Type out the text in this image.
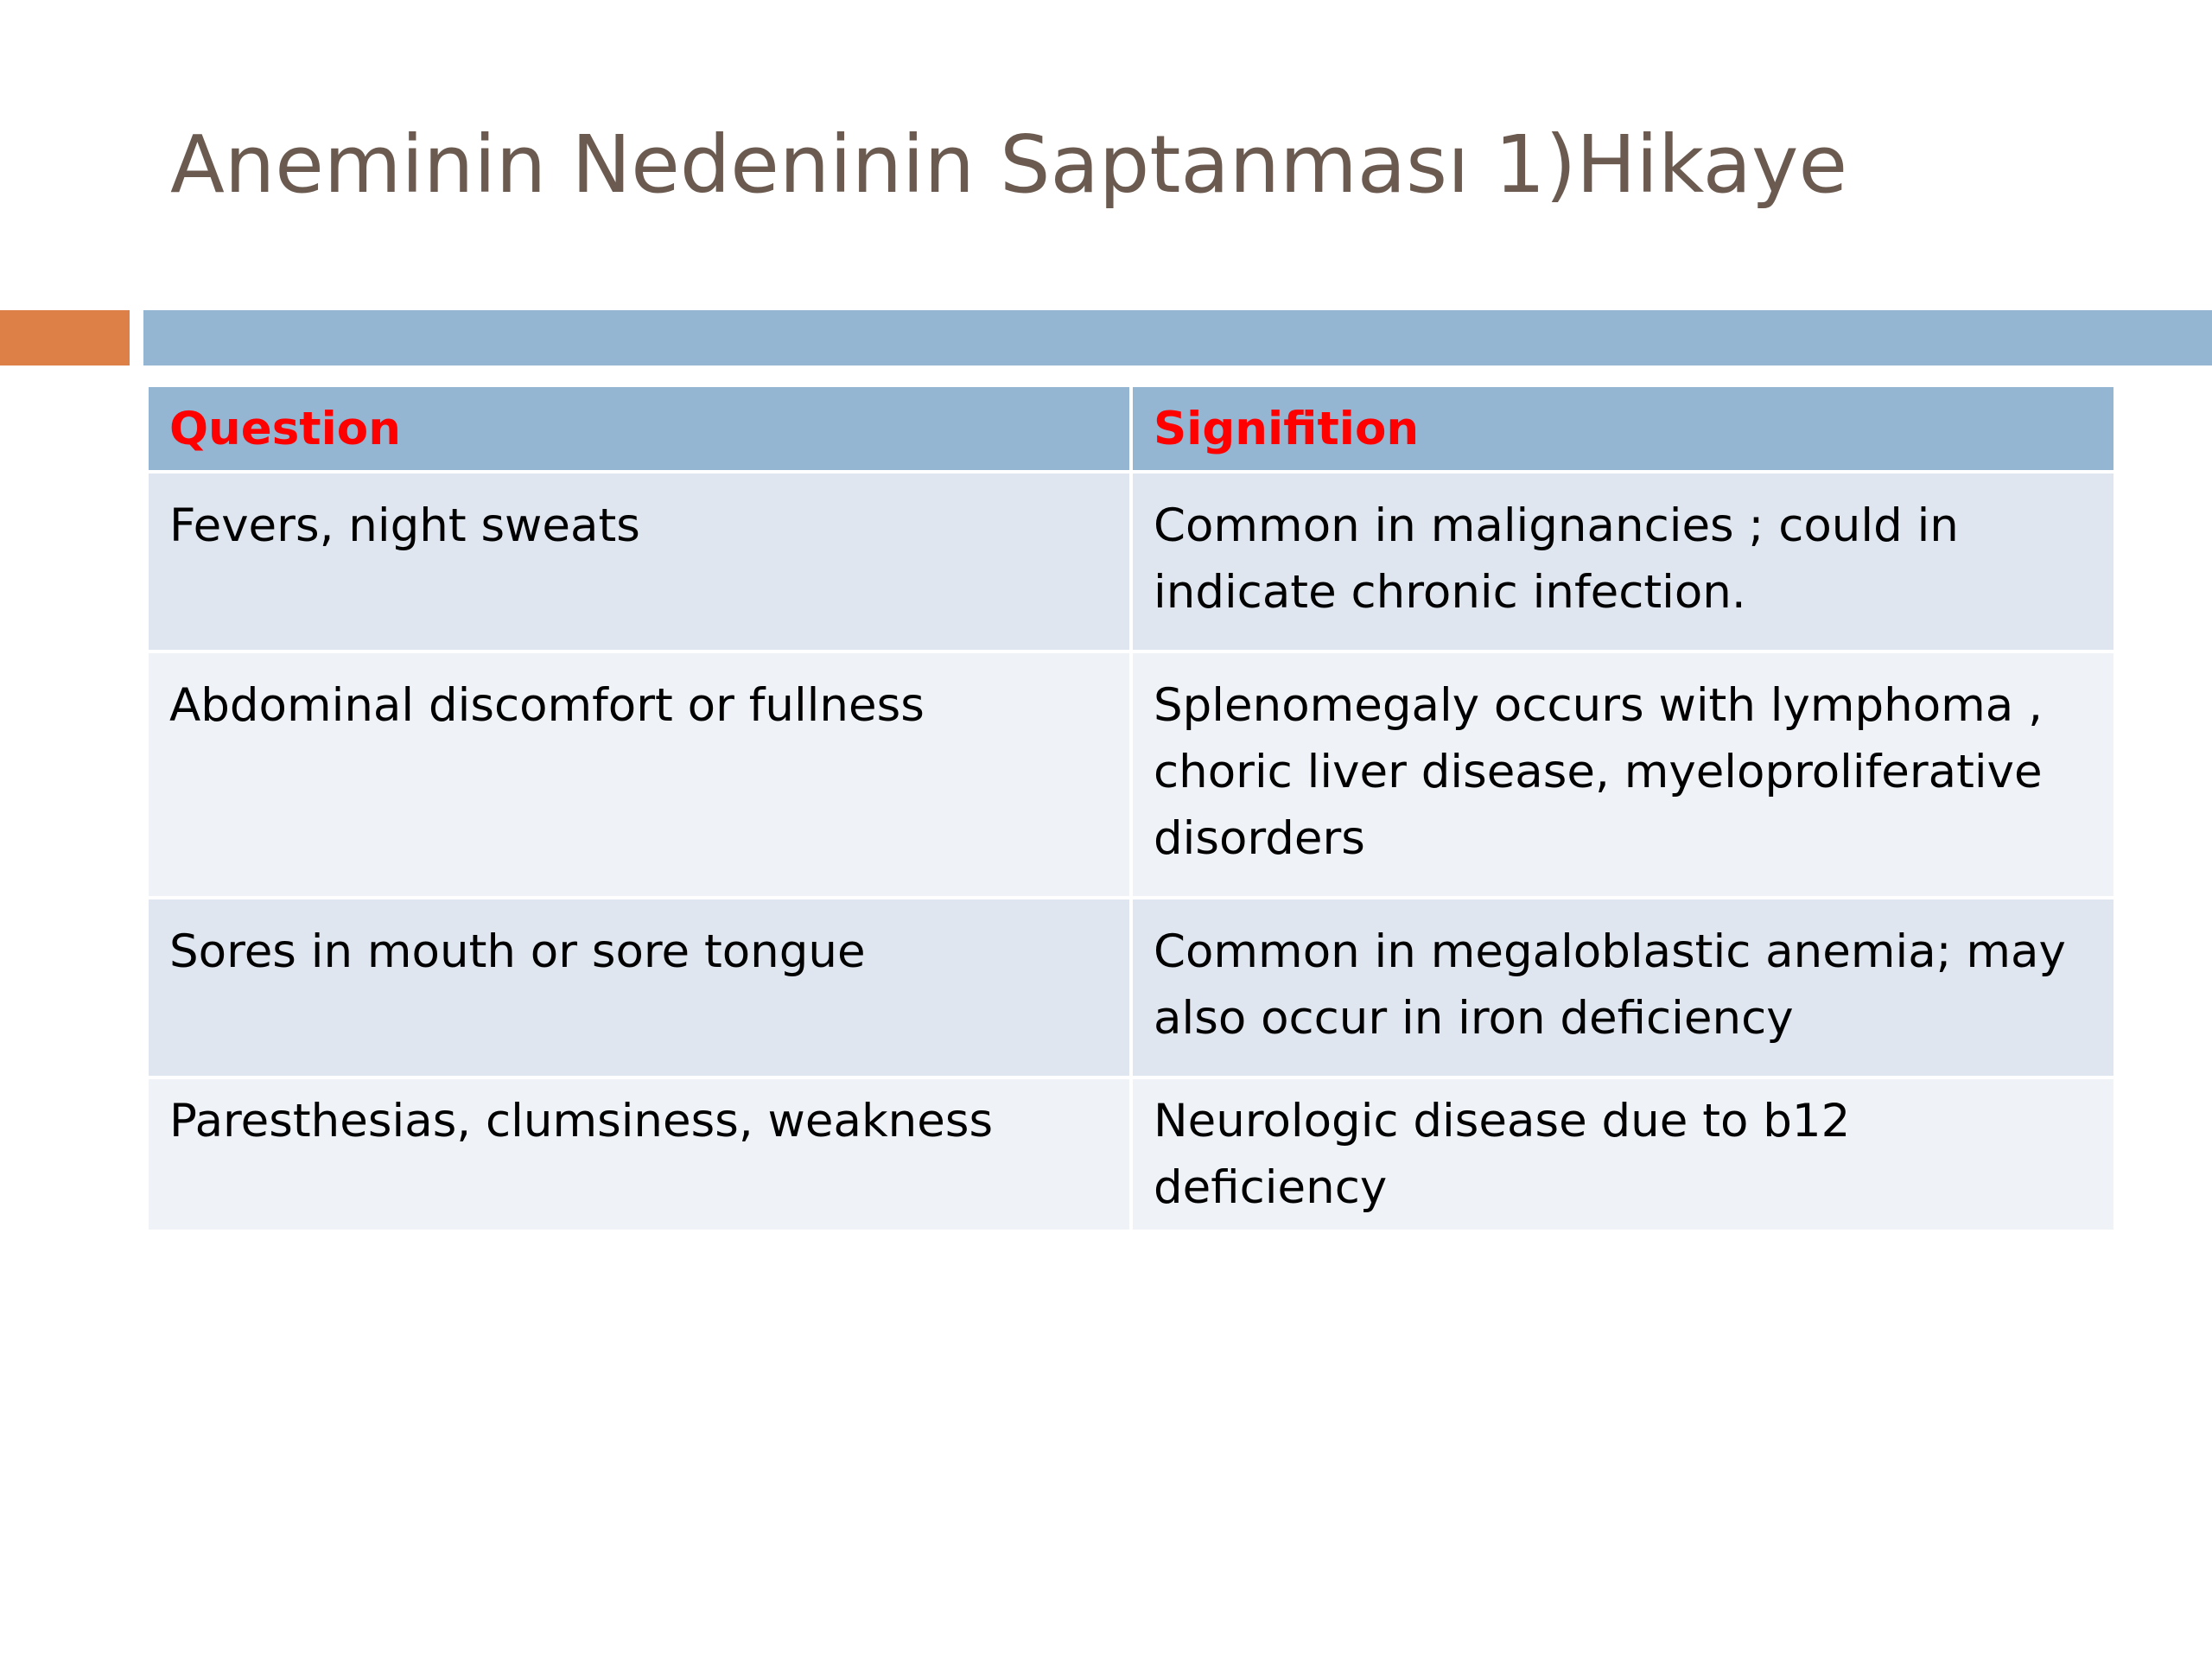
Aneminin Nedeninin Saptanması 1)Hikaye
Question	Signifition
Fevers, night sweats	Common in malignancies ; could in indicate chronic infection.
Abdominal discomfort or fullness	Splenomegaly occurs with lymphoma , choric liver disease, myeloproliferative disorders
Sores in mouth or sore tongue	Common in megaloblastic anemia; may also occur in iron deficiency
Paresthesias, clumsiness, weakness	Neurologic disease due to b12 deficiency
